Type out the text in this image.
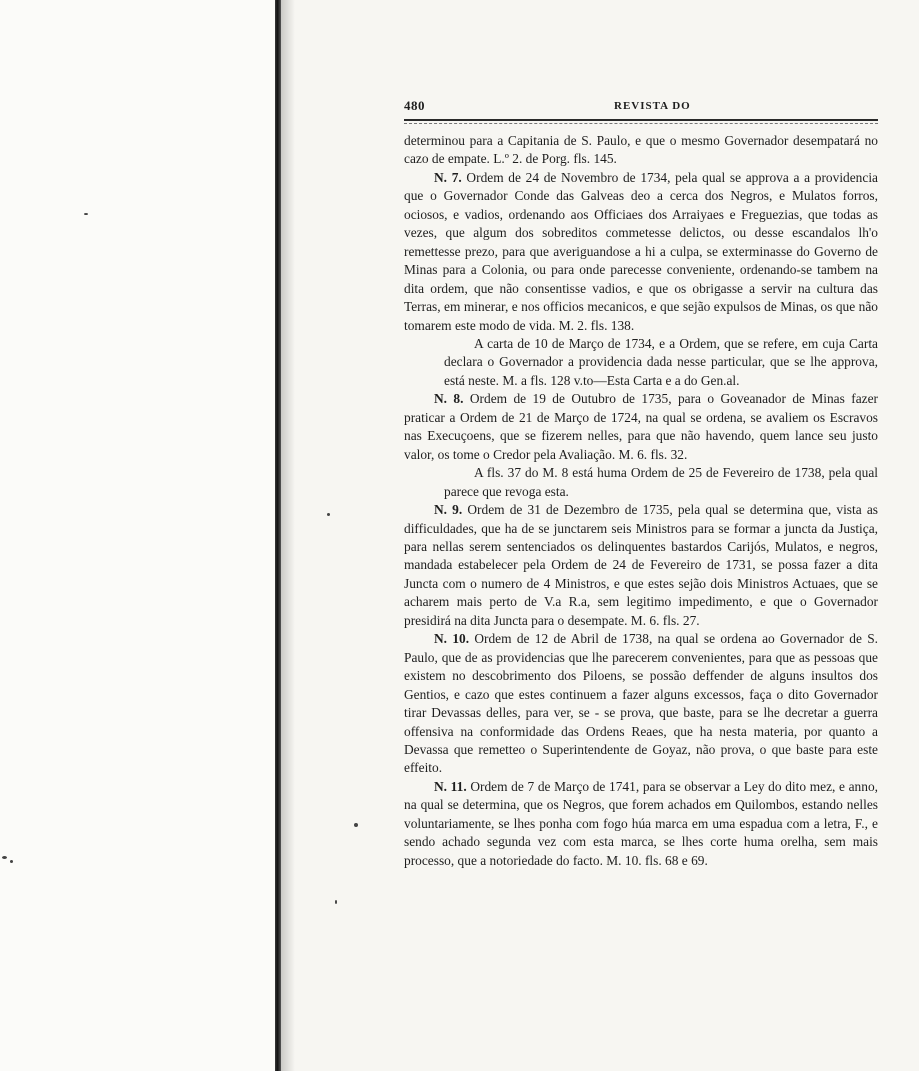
480	REVISTA DO

determinou para a Capitania de S. Paulo, e que o mesmo Governador desempatará no cazo de empate. L.º 2. de Porg. fls. 145.

N. 7. Ordem de 24 de Novembro de 1734, pela qual se approva a a providencia que o Governador Conde das Galveas deo a cerca dos Negros, e Mulatos forros, ociosos, e vadios, ordenando aos Officiaes dos Arraiyaes e Freguezias, que todas as vezes, que algum dos sobreditos commetesse delictos, ou desse escandalos lh'o remettesse prezo, para que averiguandose a hi a culpa, se exterminasse do Governo de Minas para a Colonia, ou para onde parecesse conveniente, ordenando-se tambem na dita ordem, que não consentisse vadios, e que os obrigasse a servir na cultura das Terras, em minerar, e nos officios mecanicos, e que sejão expulsos de Minas, os que não tomarem este modo de vida. M. 2. fls. 138.

A carta de 10 de Março de 1734, e a Ordem, que se refere, em cuja Carta declara o Governador a providencia dada nesse particular, que se lhe approva, está neste. M. a fls. 128 v.to—Esta Carta e a do Gen.al.

N. 8. Ordem de 19 de Outubro de 1735, para o Goveanador de Minas fazer praticar a Ordem de 21 de Março de 1724, na qual se ordena, se avaliem os Escravos nas Execuçoens, que se fizerem nelles, para que não havendo, quem lance seu justo valor, os tome o Credor pela Avaliação. M. 6. fls. 32.

A fls. 37 do M. 8 está huma Ordem de 25 de Fevereiro de 1738, pela qual parece que revoga esta.

N. 9. Ordem de 31 de Dezembro de 1735, pela qual se determina que, vista as difficuldades, que ha de se junctarem seis Ministros para se formar a juncta da Justiça, para nellas serem sentenciados os delinquentes bastardos Carijós, Mulatos, e negros, mandada estabelecer pela Ordem de 24 de Fevereiro de 1731, se possa fazer a dita Juncta com o numero de 4 Ministros, e que estes sejão dois Ministros Actuaes, que se acharem mais perto de V.a R.a, sem legitimo impedimento, e que o Governador presidirá na dita Juncta para o desempate. M. 6. fls. 27.

N. 10. Ordem de 12 de Abril de 1738, na qual se ordena ao Governador de S. Paulo, que de as providencias que lhe parecerem convenientes, para que as pessoas que existem no descobrimento dos Piloens, se possão deffender de alguns insultos dos Gentios, e cazo que estes continuem a fazer alguns excessos, faça o dito Governador tirar Devassas delles, para ver, se - se prova, que baste, para se lhe decretar a guerra offensiva na conformidade das Ordens Reaes, que ha nesta materia, por quanto a Devassa que remetteo o Superintendente de Goyaz, não prova, o que baste para este effeito.

N. 11. Ordem de 7 de Março de 1741, para se observar a Ley do dito mez, e anno, na qual se determina, que os Negros, que forem achados em Quilombos, estando nelles voluntariamente, se lhes ponha com fogo húa marca em uma espadua com a letra, F., e sendo achado segunda vez com esta marca, se lhes corte huma orelha, sem mais processo, que a notoriedade do facto. M. 10. fls. 68 e 69.
